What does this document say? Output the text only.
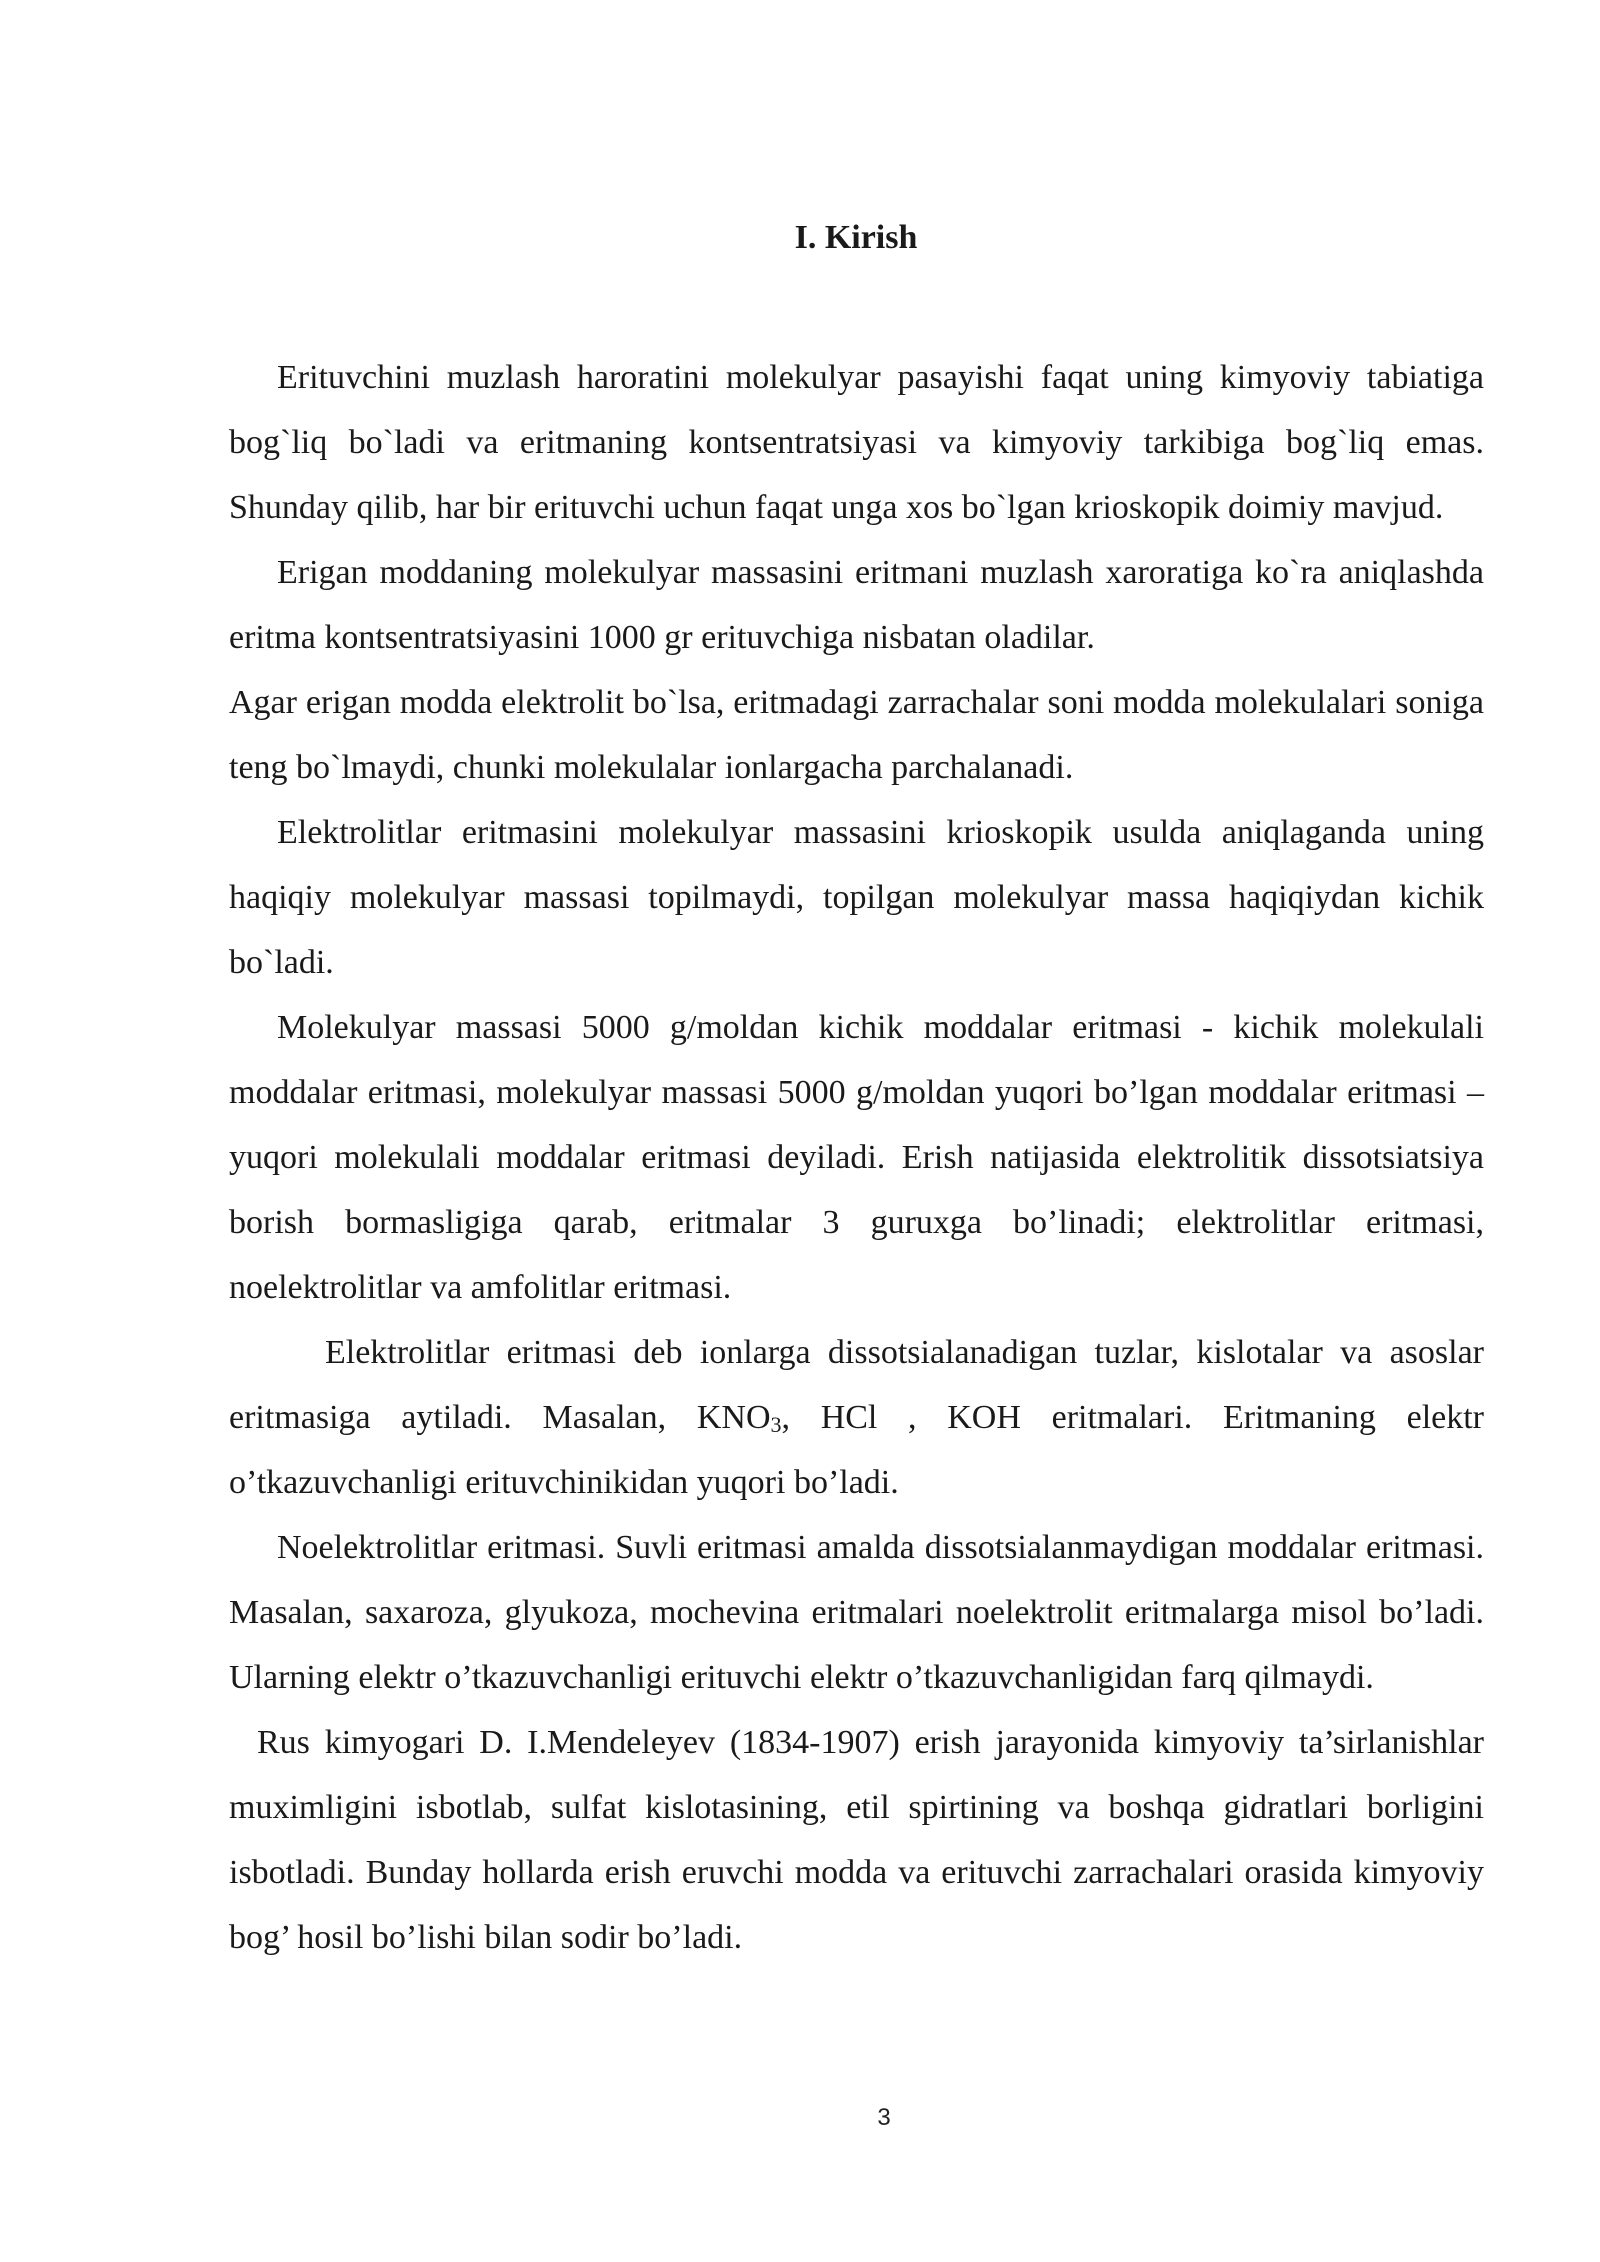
I. Kirish

Erituvchini muzlash haroratini molekulyar pasayishi faqat uning kimyoviy tabiatiga bog`liq bo`ladi va eritmaning kontsentratsiyasi va kimyoviy tarkibiga bog`liq emas. Shunday qilib, har bir erituvchi uchun faqat unga xos bo`lgan krioskopik doimiy mavjud.

Erigan moddaning molekulyar massasini eritmani muzlash xaroratiga ko`ra aniqlashda eritma kontsentratsiyasini 1000 gr erituvchiga nisbatan oladilar.

Agar erigan modda elektrolit bo`lsa, eritmadagi zarrachalar soni modda molekulalari soniga teng bo`lmaydi, chunki molekulalar ionlargacha parchalanadi.

Elektrolitlar eritmasini molekulyar massasini krioskopik usulda aniqlaganda uning haqiqiy molekulyar massasi topilmaydi, topilgan molekulyar massa haqiqiydan kichik bo`ladi.

Molekulyar massasi 5000 g/moldan kichik moddalar eritmasi - kichik molekulali moddalar eritmasi, molekulyar massasi 5000 g/moldan yuqori bo’lgan moddalar eritmasi – yuqori molekulali moddalar eritmasi deyiladi. Erish natijasida elektrolitik dissotsiatsiya borish bormasligiga qarab, eritmalar 3 guruxga bo’linadi; elektrolitlar eritmasi, noelektrolitlar va amfolitlar eritmasi.

Elektrolitlar eritmasi deb ionlarga dissotsialanadigan tuzlar, kislotalar va asoslar eritmasiga aytiladi. Masalan, $KNO_3$, HCl , KOH eritmalari. Eritmaning elektr o’tkazuvchanligi erituvchinikidan yuqori bo’ladi.

Noelektrolitlar eritmasi. Suvli eritmasi amalda dissotsialanmaydigan moddalar eritmasi. Masalan, saxaroza, glyukoza, mochevina eritmalari noelektrolit eritmalarga misol bo’ladi. Ularning elektr o’tkazuvchanligi erituvchi elektr o’tkazuvchanligidan farq qilmaydi.

Rus kimyogari D. I.Mendeleyev (1834-1907) erish jarayonida kimyoviy ta’sirlanishlar muximligini isbotlab, sulfat kislotasining, etil spirtining va boshqa gidratlari borligini isbotladi. Bunday hollarda erish eruvchi modda va erituvchi zarrachalari orasida kimyoviy bog’ hosil bo’lishi bilan sodir bo’ladi.

3
